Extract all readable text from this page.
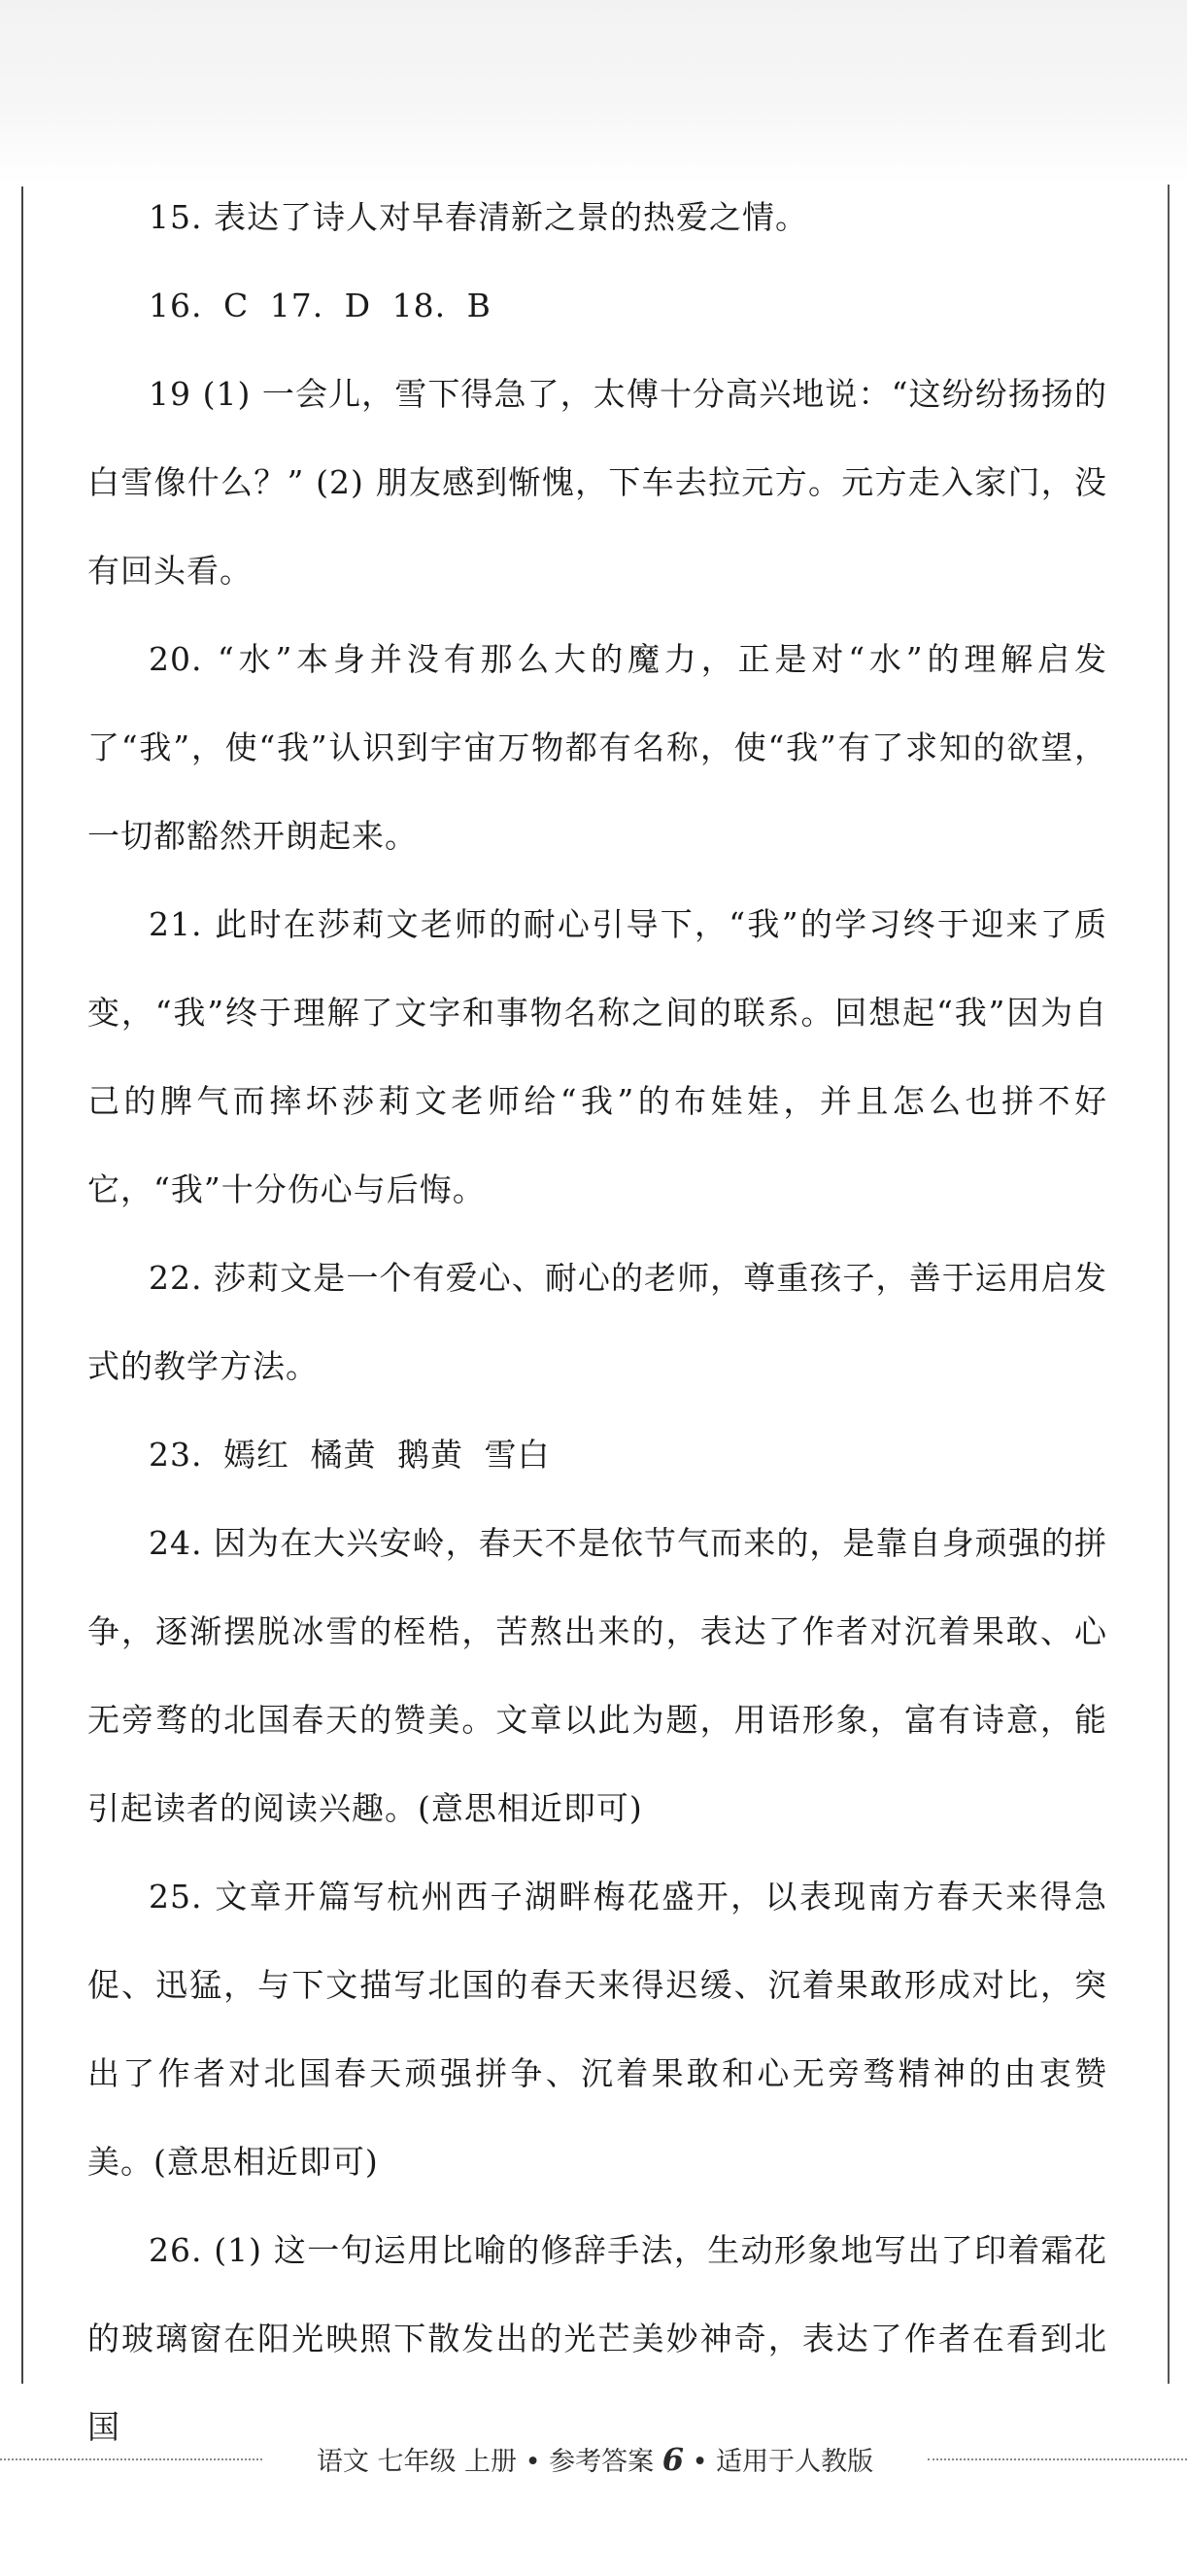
15. 表达了诗人对早春清新之景的热爱之情。

16. C 17. D 18. B

19 (1) 一会儿，雪下得急了，太傅十分高兴地说：“这纷纷扬扬的白雪像什么？” (2) 朋友感到惭愧，下车去拉元方。元方走入家门，没有回头看。

20. “水”本身并没有那么大的魔力，正是对“水”的理解启发了“我”，使“我”认识到宇宙万物都有名称，使“我”有了求知的欲望，一切都豁然开朗起来。

21. 此时在莎莉文老师的耐心引导下，“我”的学习终于迎来了质变，“我”终于理解了文字和事物名称之间的联系。回想起“我”因为自己的脾气而摔坏莎莉文老师给“我”的布娃娃，并且怎么也拼不好它，“我”十分伤心与后悔。

22. 莎莉文是一个有爱心、耐心的老师，尊重孩子，善于运用启发式的教学方法。

23. 嫣红 橘黄 鹅黄 雪白

24. 因为在大兴安岭，春天不是依节气而来的，是靠自身顽强的拼争，逐渐摆脱冰雪的桎梏，苦熬出来的，表达了作者对沉着果敢、心无旁骛的北国春天的赞美。文章以此为题，用语形象，富有诗意，能引起读者的阅读兴趣。(意思相近即可)

25. 文章开篇写杭州西子湖畔梅花盛开，以表现南方春天来得急促、迅猛，与下文描写北国的春天来得迟缓、沉着果敢形成对比，突出了作者对北国春天顽强拼争、沉着果敢和心无旁骛精神的由衷赞美。(意思相近即可)

26. (1) 这一句运用比喻的修辞手法，生动形象地写出了印着霜花的玻璃窗在阳光映照下散发出的光芒美妙神奇，表达了作者在看到北国

语文 七年级 上册 • 参考答案 6 • 适用于人教版
